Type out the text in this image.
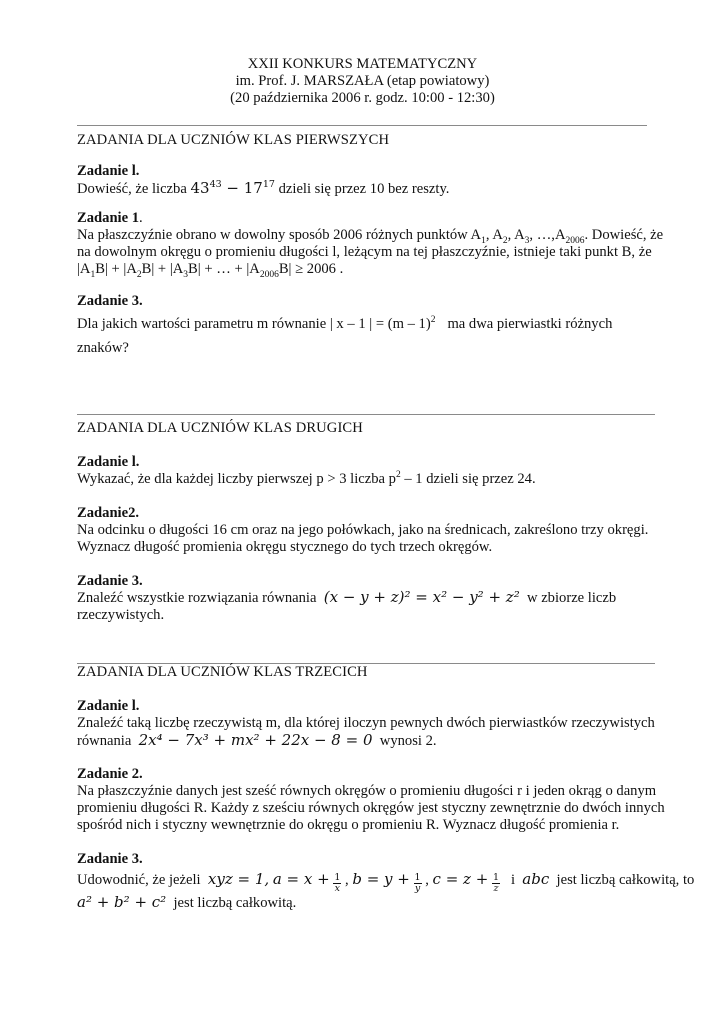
XXII KONKURS MATEMATYCZNY
im. Prof. J. MARSZAŁA (etap powiatowy)
(20 października 2006 r. godz. 10:00 - 12:30)
ZADANIA DLA UCZNIÓW KLAS PIERWSZYCH
Zadanie l.
Dowieść, że liczba $43^{43} - 17^{17}$ dzieli się przez 10 bez reszty.
Zadanie 1.
Na płaszczyźnie obrano w dowolny sposób 2006 różnych punktów $A_1$, $A_2$, $A_3$, $\dots,A_{2006}$. Dowieść, że
na dowolnym okręgu o promieniu długości l, leżącym na tej płaszczyźnie, istnieje taki punkt B, że
$|A_1B| + |A_2B| + |A_3B|$ + … + $|A_{2006}B| \ge 2006$ .
Zadanie 3.
Dla jakich wartości parametru m równanie | x – 1 | = (m – 1)$^2$ ma dwa pierwiastki różnych
znaków?
ZADANIA DLA UCZNIÓW KLAS DRUGICH
Zadanie l.
Wykazać, że dla każdej liczby pierwszej p > 3 liczba $p^2 - 1$ dzieli się przez 24.
Zadanie2.
Na odcinku o długości 16 cm oraz na jego połówkach, jako na średnicach, zakreślono trzy okręgi.
Wyznacz długość promienia okręgu stycznego do tych trzech okręgów.
Zadanie 3.
Znaleźć wszystkie rozwiązania równania (x − y + z)² = x² − y² + z² w zbiorze liczb
rzeczywistych.
ZADANIA DLA UCZNIÓW KLAS TRZECICH
Zadanie l.
Znaleźć taką liczbę rzeczywistą m, dla której iloczyn pewnych dwóch pierwiastków rzeczywistych
równania 2x⁴ − 7x³ + mx² + 22x − 8 = 0 wynosi 2.
Zadanie 2.
Na płaszczyźnie danych jest sześć równych okręgów o promieniu długości r i jeden okrąg o danym
promieniu długości R. Każdy z sześciu równych okręgów jest styczny zewnętrznie do dwóch innych
spośród nich i styczny wewnętrznie do okręgu o promieniu R. Wyznacz długość promienia r.
Zadanie 3.
Udowodnić, że jeżeli xyz = 1, $a = x + \frac{1}{x}$ , $b = y + \frac{1}{y}$ , $c = z + \frac{1}{z}$ i abc jest liczbą całkowitą, to
a² + b² + c² jest liczbą całkowitą.
